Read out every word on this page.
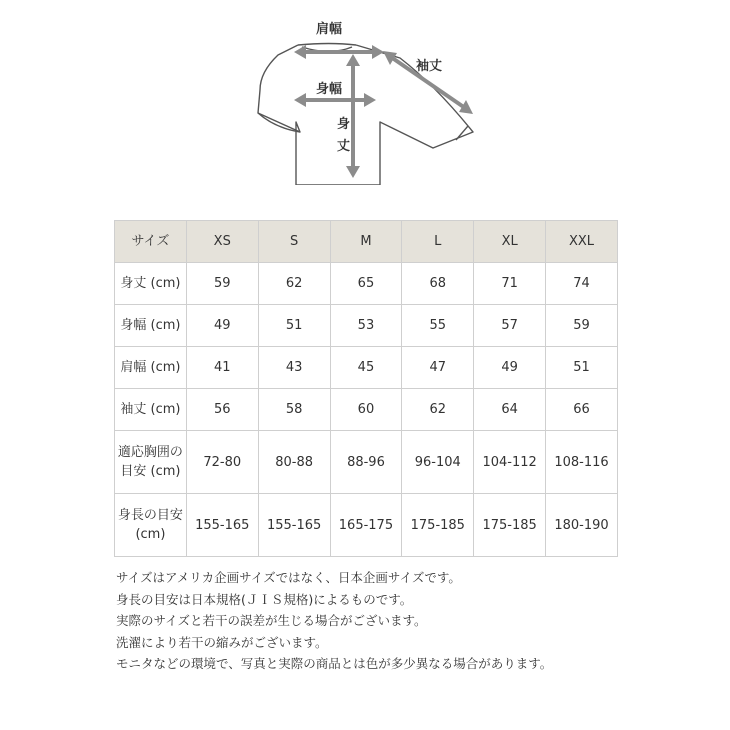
肩幅
身幅
袖丈
身
丈
サイズ	XS	S	M	L	XL	XXL
身丈 (cm)	59	62	65	68	71	74
身幅 (cm)	49	51	53	55	57	59
肩幅 (cm)	41	43	45	47	49	51
袖丈 (cm)	56	58	60	62	64	66
適応胸囲の
目安 (cm)	72-80	80-88	88-96	96-104	104-112	108-116
身長の目安
(cm)	155-165	155-165	165-175	175-185	175-185	180-190
サイズはアメリカ企画サイズではなく、日本企画サイズです。
身長の目安は日本規格(ＪＩＳ規格)によるものです。
実際のサイズと若干の誤差が生じる場合がございます。
洗濯により若干の縮みがございます。
モニタなどの環境で、写真と実際の商品とは色が多少異なる場合があります。
